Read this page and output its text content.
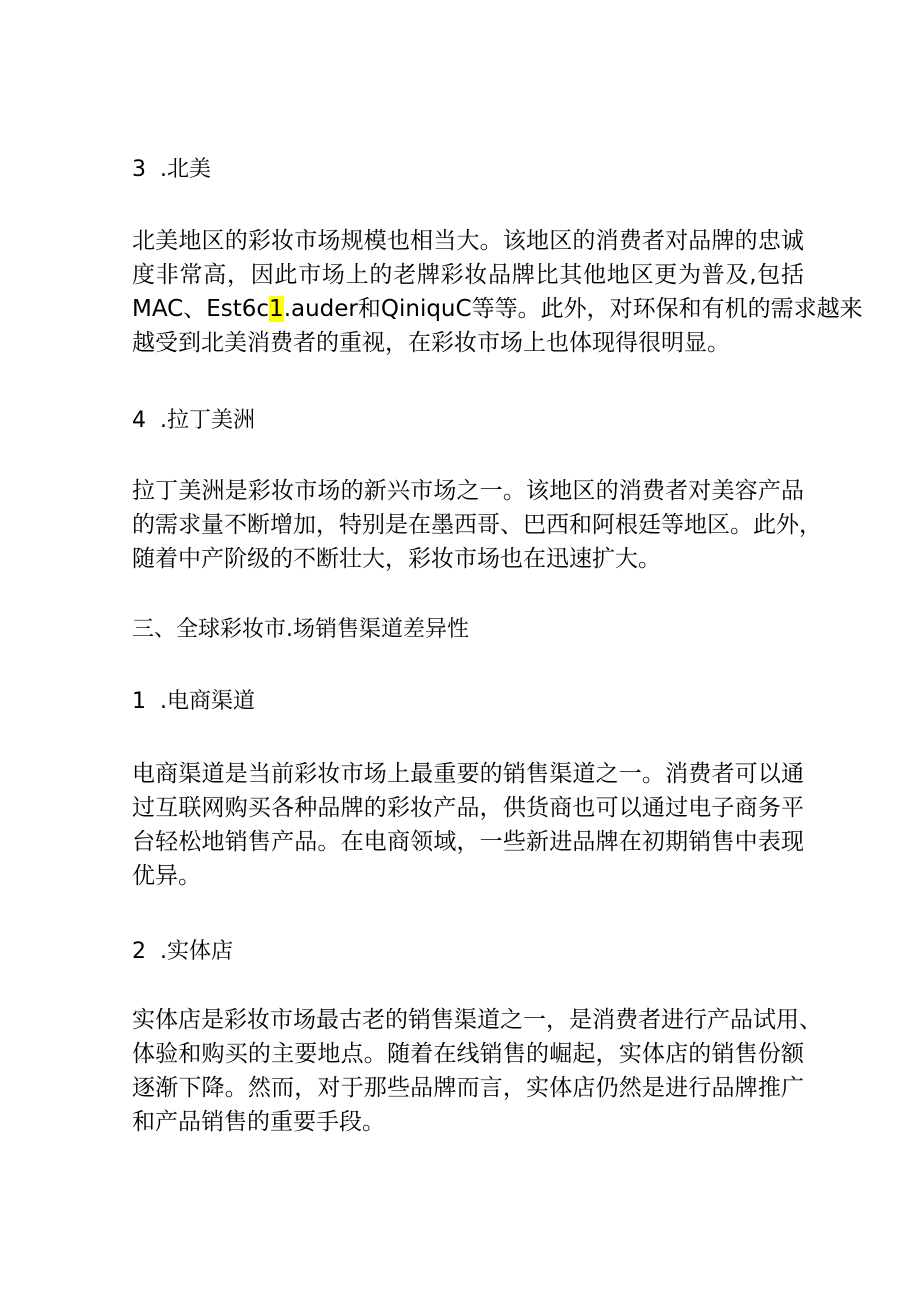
3  .北美
北美地区的彩妆市场规模也相当大。该地区的消费者对品牌的忠诚
度非常高，因此市场上的老牌彩妆品牌比其他地区更为普及,包括
MAC、Est6c1.auder和QiniquC等等。此外，对环保和有机的需求越来
越受到北美消费者的重视，在彩妆市场上也体现得很明显。
4  .拉丁美洲
拉丁美洲是彩妆市场的新兴市场之一。该地区的消费者对美容产品
的需求量不断增加，特别是在墨西哥、巴西和阿根廷等地区。此外，
随着中产阶级的不断壮大，彩妆市场也在迅速扩大。
三、全球彩妆市.场销售渠道差异性
1  .电商渠道
电商渠道是当前彩妆市场上最重要的销售渠道之一。消费者可以通
过互联网购买各种品牌的彩妆产品，供货商也可以通过电子商务平
台轻松地销售产品。在电商领域，一些新进品牌在初期销售中表现
优异。
2  .实体店
实体店是彩妆市场最古老的销售渠道之一，是消费者进行产品试用、
体验和购买的主要地点。随着在线销售的崛起，实体店的销售份额
逐渐下降。然而，对于那些品牌而言，实体店仍然是进行品牌推广
和产品销售的重要手段。
